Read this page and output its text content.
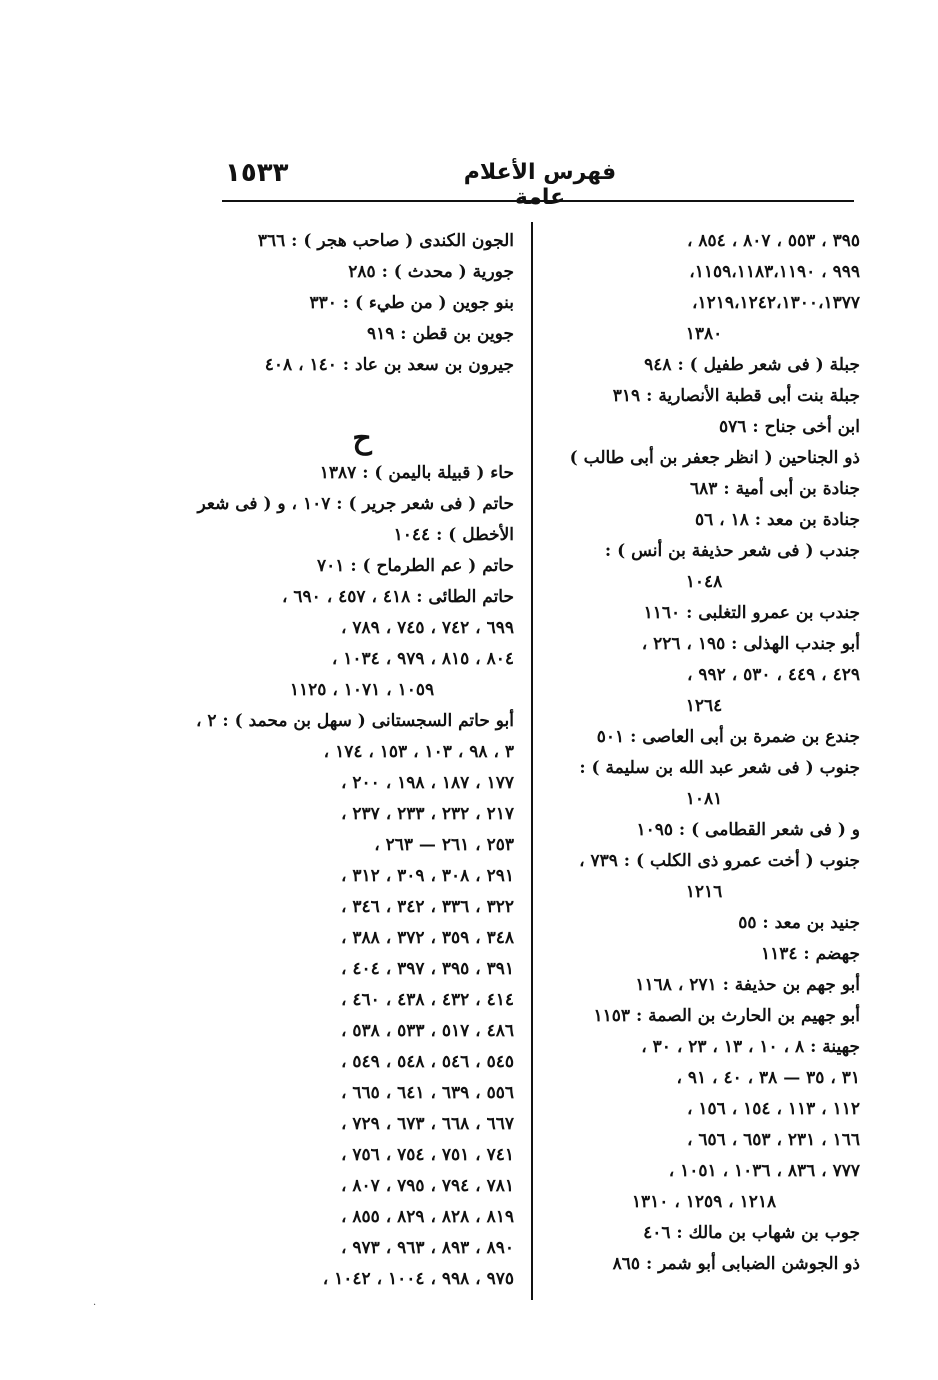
فهرس الأعلام عامة
١٥٣٣
٣٩٥ ، ٥٥٣ ، ٨٠٧ ، ٨٥٤ ،
٩٩٩ ، ١١٥٩،١١٨٣،١١٩٠،
١٢١٩،١٢٤٢،١٣٠٠،١٣٧٧،
١٣٨٠
جبلة ( فى شعر طفيل ) : ٩٤٨
جبلة بنت أبى قطبة الأنصارية : ٣١٩
ابن أخى جناح : ٥٧٦
ذو الجناحين ( انظر جعفر بن أبى طالب )
جنادة بن أبى أمية : ٦٨٣
جنادة بن معد : ١٨ ، ٥٦
جندب ( فى شعر حذيفة بن أنس ) :
١٠٤٨
جندب بن عمرو التغلبى : ١١٦٠
أبو جندب الهذلى : ١٩٥ ، ٢٢٦ ،
٤٢٩ ، ٤٤٩ ، ٥٣٠ ، ٩٩٢ ،
١٢٦٤
جندع بن ضمرة بن أبى العاصى : ٥٠١
جنوب ( فى شعر عبد الله بن سليمة ) :
١٠٨١
و ( فى شعر القطامى ) : ١٠٩٥
جنوب ( أخت عمرو ذى الكلب ) : ٧٣٩ ،
١٢١٦
جنيد بن معد : ٥٥
جهضم : ١١٣٤
أبو جهم بن حذيفة : ٢٧١ ، ١١٦٨
أبو جهيم بن الحارث بن الصمة : ١١٥٣
جهينة : ٨ ، ١٠ ، ١٣ ، ٢٣ ، ٣٠ ،
٣١ ، ٣٥ — ٣٨ ، ٤٠ ، ٩١ ،
١١٢ ، ١١٣ ، ١٥٤ ، ١٥٦ ،
١٦٦ ، ٢٣١ ، ٦٥٣ ، ٦٥٦ ،
٧٧٧ ، ٨٣٦ ، ١٠٣٦ ، ١٠٥١ ،
١٢١٨ ، ١٢٥٩ ، ١٣١٠
جوب بن شهاب بن مالك : ٤٠٦
ذو الجوشن الضبابى أبو شمر : ٨٦٥
الجون الكندى ( صاحب هجر ) : ٣٦٦
جورية ( محدث ) : ٢٨٥
بنو جوين ( من طيء ) : ٣٣٠
جوين بن قطن : ٩١٩
جيرون بن سعد بن عاد : ١٤٠ ، ٤٠٨
ح
حاء ( قبيلة باليمن ) : ١٣٨٧
حاتم ( فى شعر جرير ) : ١٠٧ ، و ( فى شعر
الأخطل ) : ١٠٤٤
حاتم ( عم الطرماح ) : ٧٠١
حاتم الطائى : ٤١٨ ، ٤٥٧ ، ٦٩٠ ،
٦٩٩ ، ٧٤٢ ، ٧٤٥ ، ٧٨٩ ،
٨٠٤ ، ٨١٥ ، ٩٧٩ ، ١٠٣٤ ،
١٠٥٩ ، ١٠٧١ ، ١١٢٥
أبو حاتم السجستانى ( سهل بن محمد ) : ٢ ،
٣ ، ٩٨ ، ١٠٣ ، ١٥٣ ، ١٧٤ ،
١٧٧ ، ١٨٧ ، ١٩٨ ، ٢٠٠ ،
٢١٧ ، ٢٣٢ ، ٢٣٣ ، ٢٣٧ ،
٢٥٣ ، ٢٦١ — ٢٦٣ ،
٢٩١ ، ٣٠٨ ، ٣٠٩ ، ٣١٢ ،
٣٢٢ ، ٣٣٦ ، ٣٤٢ ، ٣٤٦ ،
٣٤٨ ، ٣٥٩ ، ٣٧٢ ، ٣٨٨ ،
٣٩١ ، ٣٩٥ ، ٣٩٧ ، ٤٠٤ ،
٤١٤ ، ٤٣٢ ، ٤٣٨ ، ٤٦٠ ،
٤٨٦ ، ٥١٧ ، ٥٣٣ ، ٥٣٨ ،
٥٤٥ ، ٥٤٦ ، ٥٤٨ ، ٥٤٩ ،
٥٥٦ ، ٦٣٩ ، ٦٤١ ، ٦٦٥ ،
٦٦٧ ، ٦٦٨ ، ٦٧٣ ، ٧٢٩ ،
٧٤١ ، ٧٥١ ، ٧٥٤ ، ٧٥٦ ،
٧٨١ ، ٧٩٤ ، ٧٩٥ ، ٨٠٧ ،
٨١٩ ، ٨٢٨ ، ٨٢٩ ، ٨٥٥ ،
٨٩٠ ، ٨٩٣ ، ٩٦٣ ، ٩٧٣ ،
٩٧٥ ، ٩٩٨ ، ١٠٠٤ ، ١٠٤٢ ،
·
